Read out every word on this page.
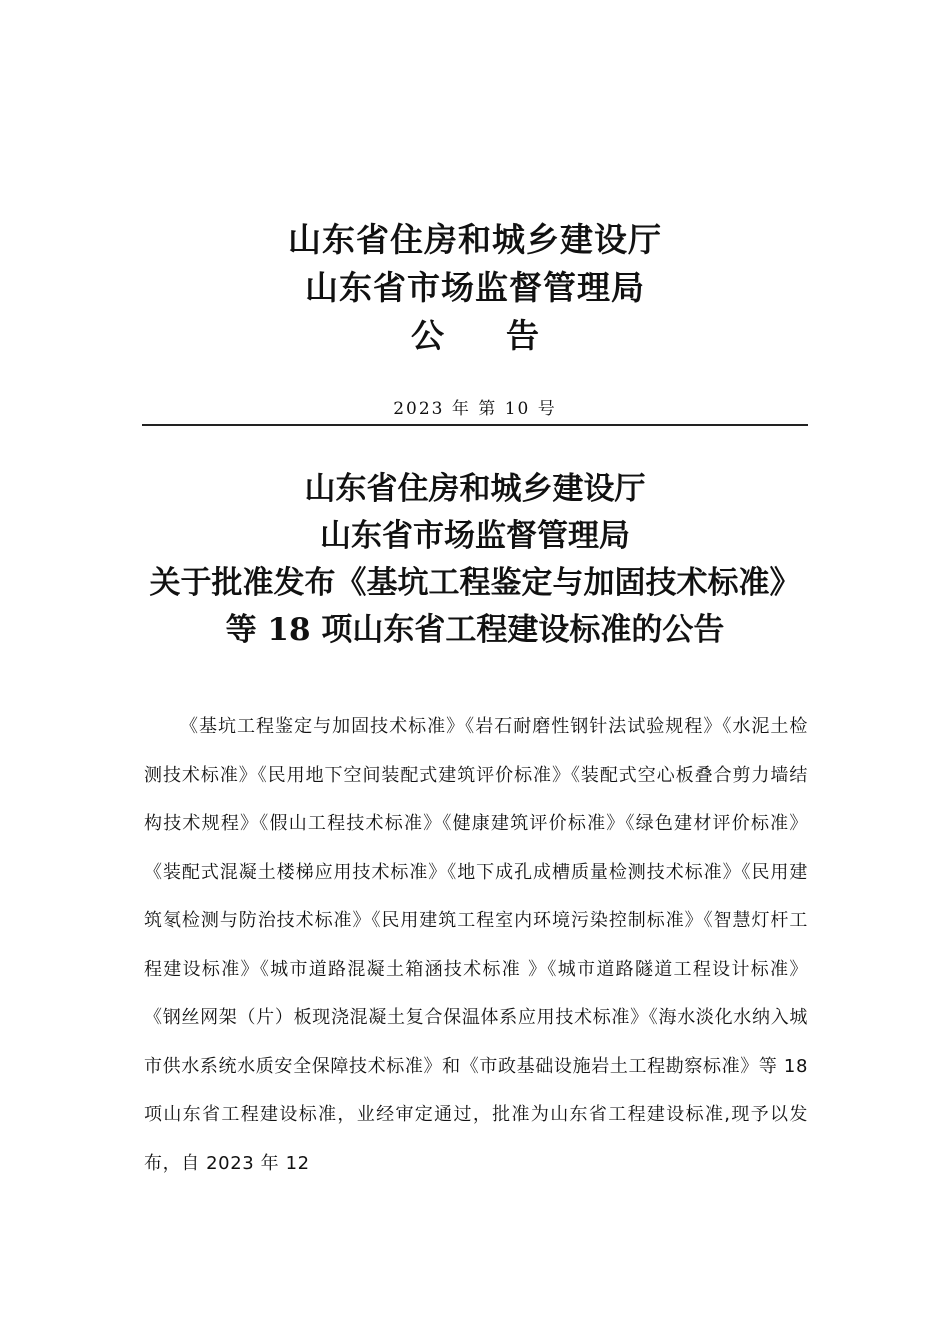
山东省住房和城乡建设厅
山东省市场监督管理局
公 告
2023 年 第 10 号
山东省住房和城乡建设厅
山东省市场监督管理局
关于批准发布《基坑工程鉴定与加固技术标准》
等 18 项山东省工程建设标准的公告

《基坑工程鉴定与加固技术标准》《岩石耐磨性钢针法试验规程》《水泥土检测技术标准》《民用地下空间装配式建筑评价标准》《装配式空心板叠合剪力墙结构技术规程》《假山工程技术标准》《健康建筑评价标准》《绿色建材评价标准》《装配式混凝土楼梯应用技术标准》《地下成孔成槽质量检测技术标准》《民用建筑氡检测与防治技术标准》《民用建筑工程室内环境污染控制标准》《智慧灯杆工程建设标准》《城市道路混凝土箱涵技术标准 》《城市道路隧道工程设计标准》《钢丝网架（片）板现浇混凝土复合保温体系应用技术标准》《海水淡化水纳入城市供水系统水质安全保障技术标准》和《市政基础设施岩土工程勘察标准》等 18 项山东省工程建设标准，业经审定通过，批准为山东省工程建设标准,现予以发布，自 2023 年 12
